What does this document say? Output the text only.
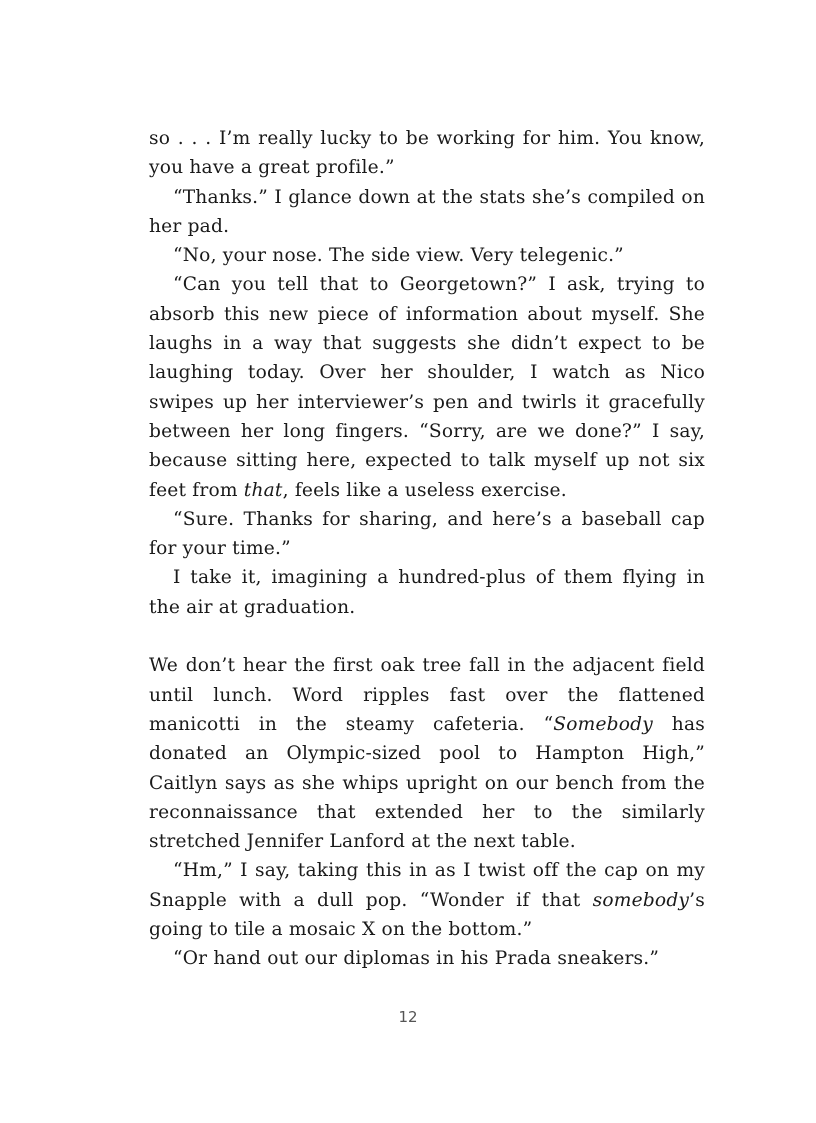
so . . . I’m really lucky to be working for him. You know, you have a great profile.”

“Thanks.” I glance down at the stats she’s compiled on her pad.

“No, your nose. The side view. Very telegenic.”

“Can you tell that to Georgetown?” I ask, trying to absorb this new piece of information about myself. She laughs in a way that suggests she didn’t expect to be laughing today. Over her shoulder, I watch as Nico swipes up her interviewer’s pen and twirls it gracefully between her long fingers. “Sorry, are we done?” I say, because sitting here, expected to talk myself up not six feet from that, feels like a useless exercise.

“Sure. Thanks for sharing, and here’s a baseball cap for your time.”

I take it, imagining a hundred-plus of them flying in the air at graduation.

We don’t hear the first oak tree fall in the adjacent field until lunch. Word ripples fast over the flattened manicotti in the steamy cafeteria. “Somebody has donated an Olympic-sized pool to Hampton High,” Caitlyn says as she whips upright on our bench from the reconnaissance that extended her to the similarly stretched Jennifer Lanford at the next table.

“Hm,” I say, taking this in as I twist off the cap on my Snapple with a dull pop. “Wonder if that somebody’s going to tile a mosaic X on the bottom.”

“Or hand out our diplomas in his Prada sneakers.”

12
